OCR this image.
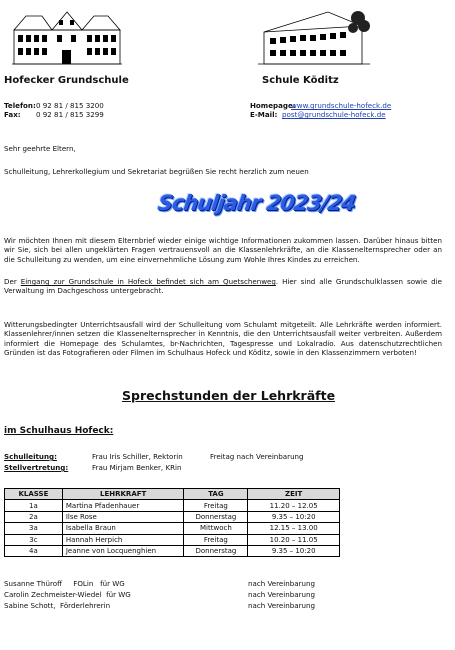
Hofecker Grundschule	Schule Köditz
Telefon:0 92 81 / 815 3200
Fax: 0 92 81 / 815 3299
Homepage:www.grundschule-hofeck.de
E-Mail: post@grundschule-hofeck.de
Sehr geehrte Eltern,
Schulleitung, Lehrerkollegium und Sekretariat begrüßen Sie recht herzlich zum neuen
Schuljahr 2023/24
Wir möchten Ihnen mit diesem Elternbrief wieder einige wichtige Informationen zukommen lassen. Darüber hinaus bitten wir Sie, sich bei allen ungeklärten Fragen vertrauensvoll an die Klassenlehrkräfte, an die Klassenelternsprecher oder an die Schulleitung zu wenden, um eine einvernehmliche Lösung zum Wohle Ihres Kindes zu erreichen.
Der Eingang zur Grundschule in Hofeck befindet sich am Quetschenweg. Hier sind alle Grundschulklassen sowie die Verwaltung im Dachgeschoss untergebracht.
Witterungsbedingter Unterrichtsausfall wird der Schulleitung vom Schulamt mitgeteilt. Alle Lehrkräfte werden informiert. Klassenlehrer/innen setzen die Klassenelternsprecher in Kenntnis, die den Unterrichtsausfall weiter verbreiten. Außerdem informiert die Homepage des Schulamtes, br-Nachrichten, Tagespresse und Lokalradio. Aus datenschutzrechtlichen Gründen ist das Fotografieren oder Filmen im Schulhaus Hofeck und Köditz, sowie in den Klassenzimmern verboten!
Sprechstunden der Lehrkräfte
im Schulhaus Hofeck:
Schulleitung:	Frau Iris Schiller, Rektorin	Freitag nach Vereinbarung
Stellvertretung:	Frau Mirjam Benker, KRin
KLASSE	LEHRKRAFT	TAG	ZEIT
1a	Martina Pfadenhauer	Freitag	11.20 – 12.05
2a	Ilse Rose	Donnerstag	9.35 – 10:20
3a	Isabella Braun	Mittwoch	12.15 – 13.00
3c	Hannah Herpich	Freitag	10.20 – 11.05
4a	Jeanne von Locquenghien	Donnerstag	9.35 – 10:20
Susanne Thüroff     FOLin   für WG	nach Vereinbarung
Carolin Zechmeister-Wiedel  für WG	nach Vereinbarung
Sabine Schott,  Förderlehrerin	nach Vereinbarung
